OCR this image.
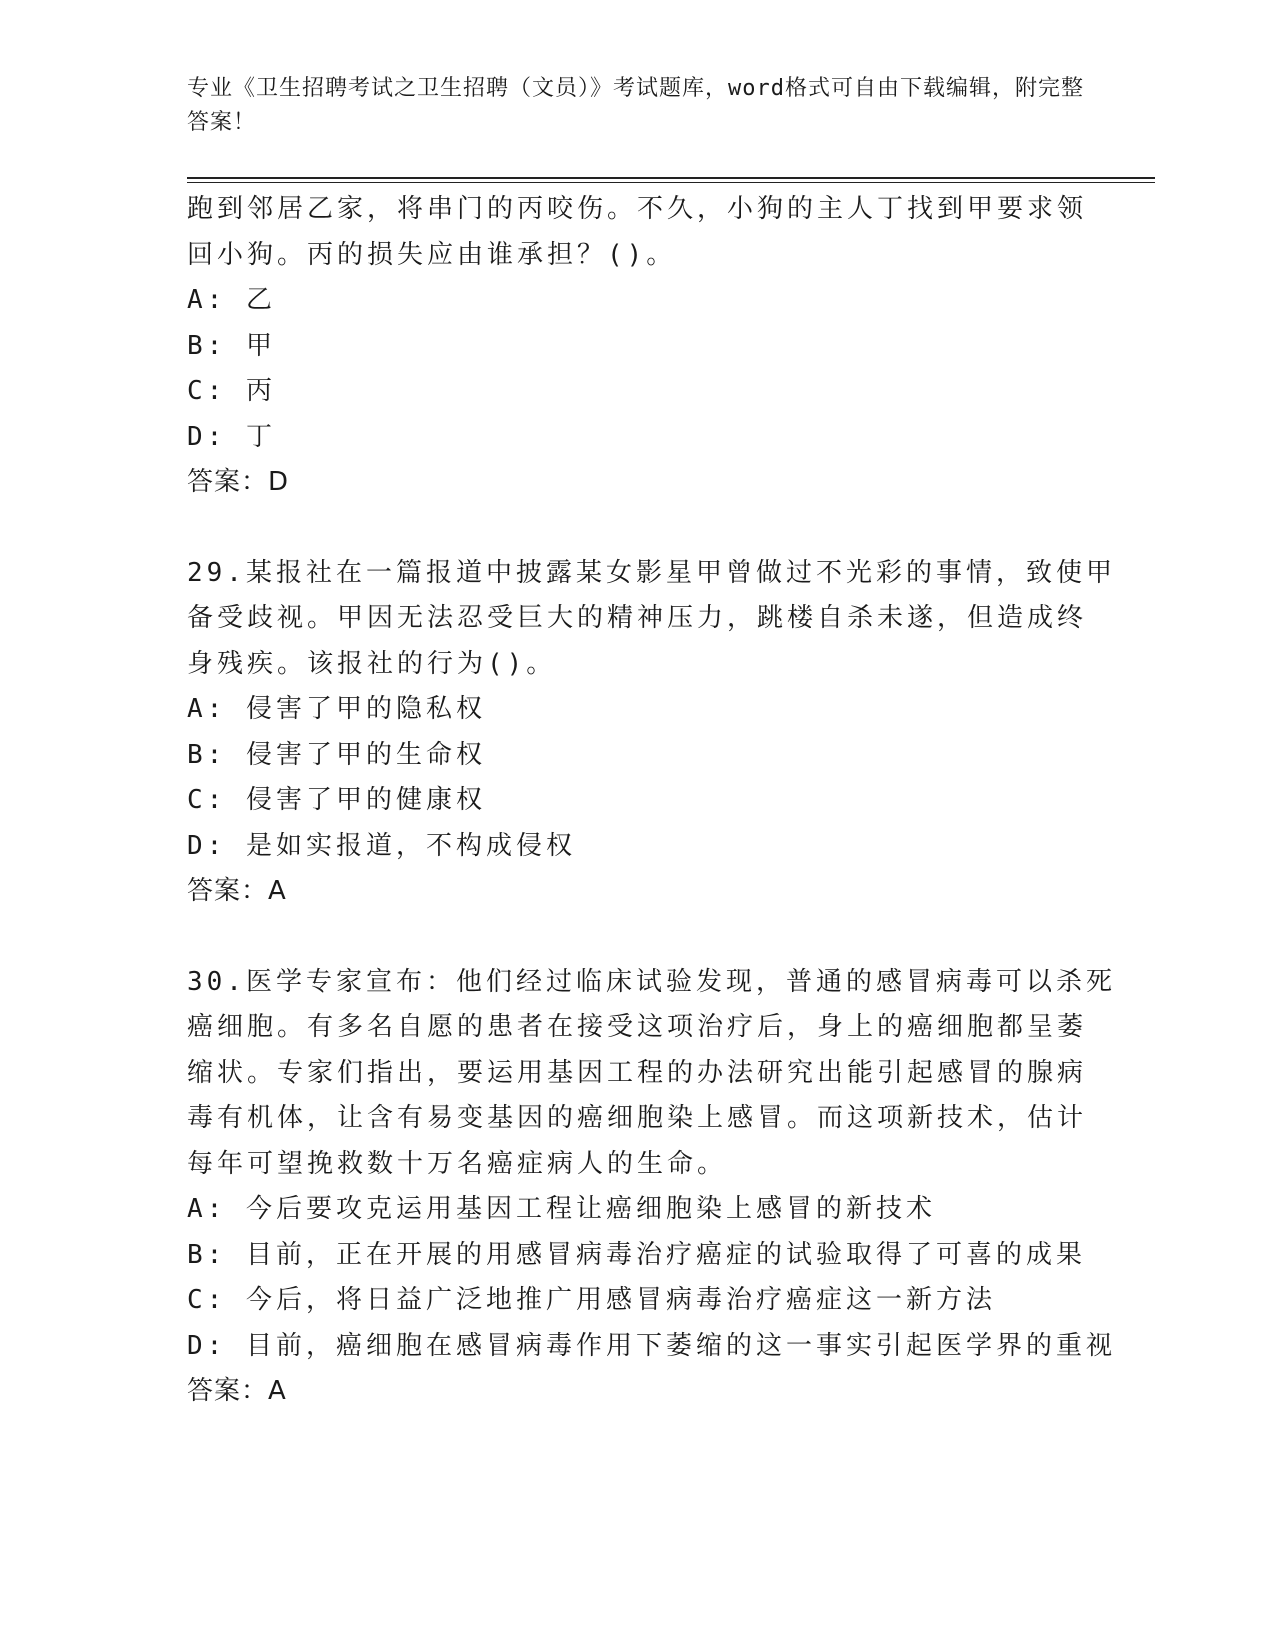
专业《卫生招聘考试之卫生招聘（文员）》考试题库，word格式可自由下载编辑，附完整答案！
跑到邻居乙家，将串门的丙咬伤。不久，小狗的主人丁找到甲要求领
回小狗。丙的损失应由谁承担？()。
A: 乙
B: 甲
C: 丙
D: 丁
答案：D
29.某报社在一篇报道中披露某女影星甲曾做过不光彩的事情，致使甲
备受歧视。甲因无法忍受巨大的精神压力，跳楼自杀未遂，但造成终
身残疾。该报社的行为()。
A: 侵害了甲的隐私权
B: 侵害了甲的生命权
C: 侵害了甲的健康权
D: 是如实报道，不构成侵权
答案：A
30.医学专家宣布：他们经过临床试验发现，普通的感冒病毒可以杀死
癌细胞。有多名自愿的患者在接受这项治疗后，身上的癌细胞都呈萎
缩状。专家们指出，要运用基因工程的办法研究出能引起感冒的腺病
毒有机体，让含有易变基因的癌细胞染上感冒。而这项新技术，估计
每年可望挽救数十万名癌症病人的生命。
A: 今后要攻克运用基因工程让癌细胞染上感冒的新技术
B: 目前，正在开展的用感冒病毒治疗癌症的试验取得了可喜的成果
C: 今后，将日益广泛地推广用感冒病毒治疗癌症这一新方法
D: 目前，癌细胞在感冒病毒作用下萎缩的这一事实引起医学界的重视
答案：A
